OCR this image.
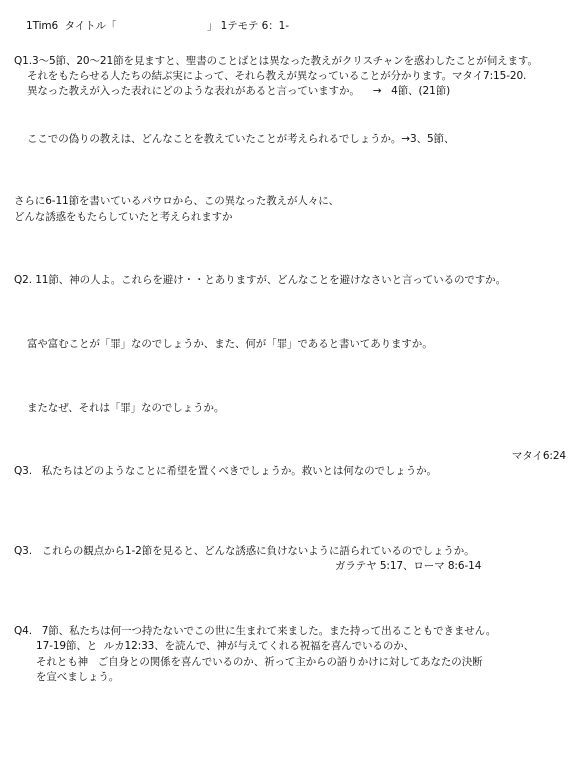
1Tim6  タイトル「                            」 1テモテ 6：1-
Q1.3～5節、20～21節を見ますと、聖書のことばとは異なった教えがクリスチャンを惑わしたことが伺えます。
それをもたらせる人たちの結ぶ実によって、それら教えが異なっていることが分かります。マタイ7:15-20.
異なった教えが入った表れにどのような表れがあると言っていますか。    →   4節、(21節)
ここでの偽りの教えは、どんなことを教えていたことが考えられるでしょうか。→3、5節、
さらに6-11節を書いているパウロから、この異なった教えが人々に、
どんな誘惑をもたらしていたと考えられますか
Q2. 11節、神の人よ。これらを避け・・とありますが、どんなことを避けなさいと言っているのですか。
富や富むことが「罪」なのでしょうか、また、何が「罪」であると書いてありますか。
またなぜ、それは「罪」なのでしょうか。
マタイ6:24
Q3.   私たちはどのようなことに希望を置くべきでしょうか。救いとは何なのでしょうか。
Q3.   これらの観点から1-2節を見ると、どんな誘惑に負けないように語られているのでしょうか。
ガラテヤ 5:17、ローマ 8:6-14
Q4.   7節、私たちは何一つ持たないでこの世に生まれて来ました。また持って出ることもできません。
17-19節、と  ルカ12:33、を読んで、神が与えてくれる祝福を喜んでいるのか、
それとも神   ご自身との関係を喜んでいるのか、祈って主からの語りかけに対してあなたの決断
を宣べましょう。
